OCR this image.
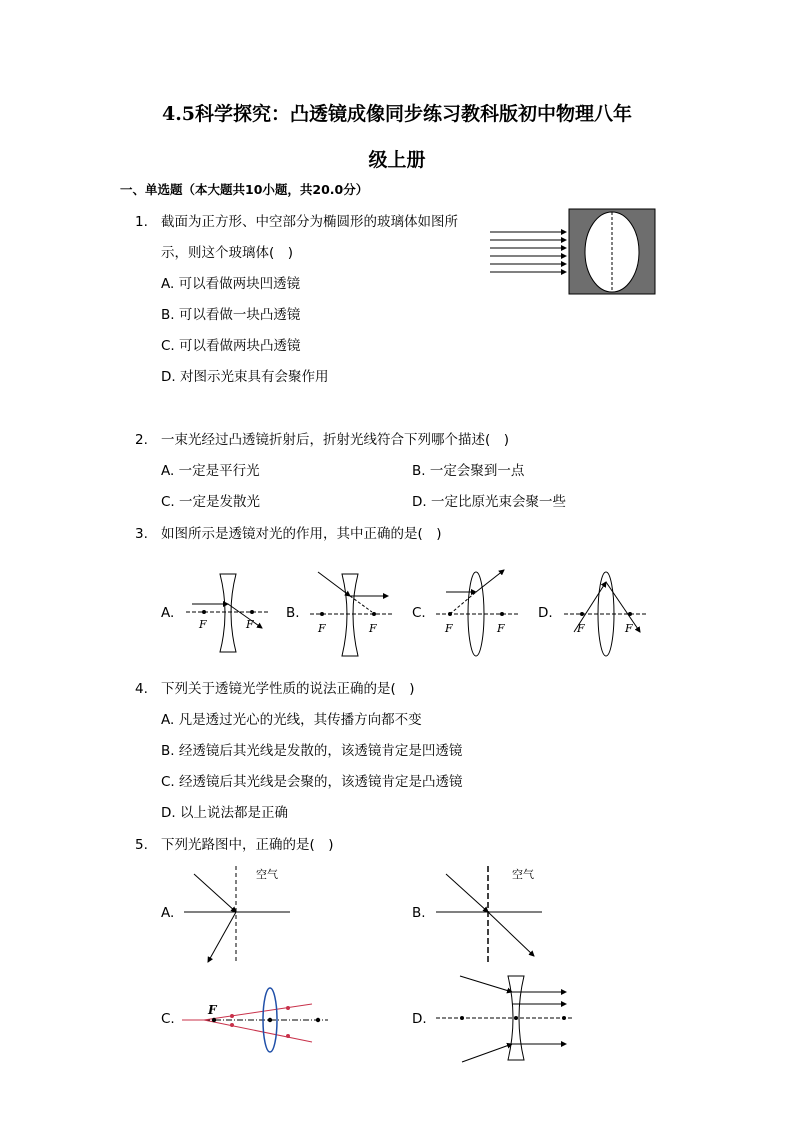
4.5科学探究：凸透镜成像同步练习教科版初中物理八年
级上册
一、单选题（本大题共10小题，共20.0分）
1. 截面为正方形、中空部分为椭圆形的玻璃体如图所
示，则这个玻璃体(　)
A. 可以看做两块凹透镜
B. 可以看做一块凸透镜
C. 可以看做两块凸透镜
D. 对图示光束具有会聚作用
2. 一束光经过凸透镜折射后，折射光线符合下列哪个描述(　)
A. 一定是平行光	B. 一定会聚到一点
C. 一定是发散光	D. 一定比原光束会聚一些
3. 如图所示是透镜对光的作用，其中正确的是(　)
A.
F	F
B.
F	F
C.
F	F
D.
F	F
4. 下列关于透镜光学性质的说法正确的是(　)
A. 凡是透过光心的光线，其传播方向都不变
B. 经透镜后其光线是发散的，该透镜肯定是凹透镜
C. 经透镜后其光线是会聚的，该透镜肯定是凸透镜
D. 以上说法都是正确
5. 下列光路图中，正确的是(　)
A.
空气
B.
空气
C.
F
D.
